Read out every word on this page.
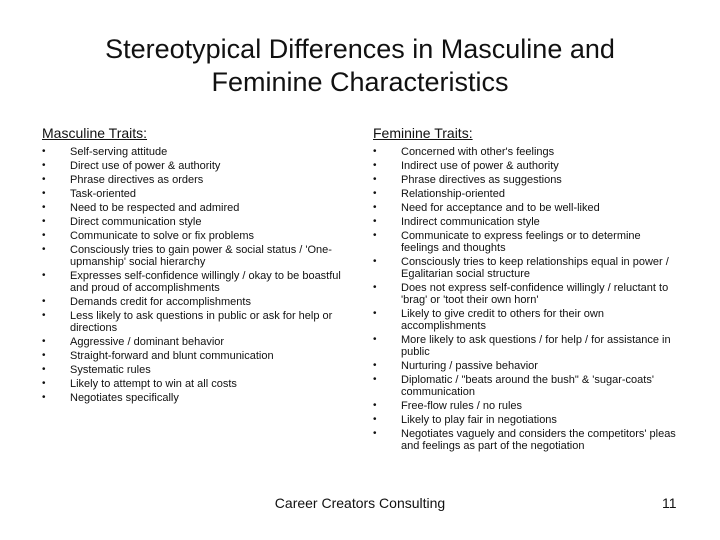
Stereotypical Differences in Masculine and
Feminine Characteristics
Masculine Traits:	Feminine Traits:
• Self-serving attitude
• Direct use of power & authority
• Phrase directives as orders
• Task-oriented
• Need to be respected and admired
• Direct communication style
• Communicate to solve or fix problems
• Consciously tries to gain power & social status / 'One-upmanship' social hierarchy
• Expresses self-confidence willingly / okay to be boastful and proud of accomplishments
• Demands credit for accomplishments
• Less likely to ask questions in public or ask for help or directions
• Aggressive / dominant behavior
• Straight-forward and blunt communication
• Systematic rules
• Likely to attempt to win at all costs
• Negotiates specifically
• Concerned with other's feelings
• Indirect use of power & authority
• Phrase directives as suggestions
• Relationship-oriented
• Need for acceptance and to be well-liked
• Indirect communication style
• Communicate to express feelings or to determine feelings and thoughts
• Consciously tries to keep relationships equal in power / Egalitarian social structure
• Does not express self-confidence willingly / reluctant to 'brag' or 'toot their own horn'
• Likely to give credit to others for their own accomplishments
• More likely to ask questions / for help / for assistance in public
• Nurturing / passive behavior
• Diplomatic / "beats around the bush" & 'sugar-coats' communication
• Free-flow rules / no rules
• Likely to play fair in negotiations
• Negotiates vaguely and considers the competitors' pleas and feelings as part of the negotiation
Career Creators Consulting	11
